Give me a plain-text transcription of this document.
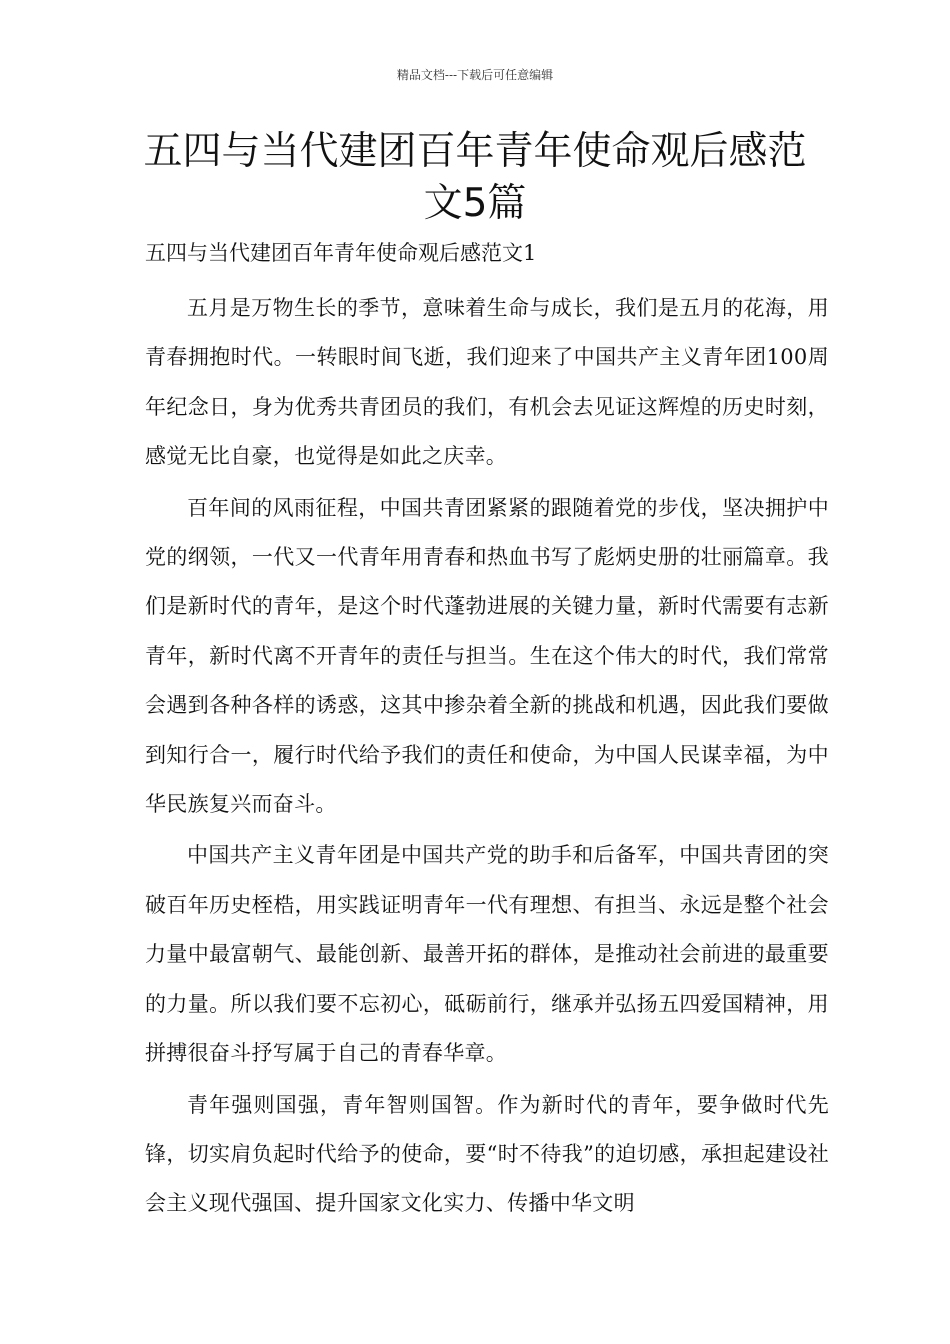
精品文档---下载后可任意编辑
五四与当代建团百年青年使命观后感范
文5篇
五四与当代建团百年青年使命观后感范文1

五月是万物生长的季节，意味着生命与成长，我们是五月的花海，用青春拥抱时代。一转眼时间飞逝，我们迎来了中国共产主义青年团100周年纪念日，身为优秀共青团员的我们，有机会去见证这辉煌的历史时刻，感觉无比自豪，也觉得是如此之庆幸。

百年间的风雨征程，中国共青团紧紧的跟随着党的步伐，坚决拥护中党的纲领，一代又一代青年用青春和热血书写了彪炳史册的壮丽篇章。我们是新时代的青年，是这个时代蓬勃进展的关键力量，新时代需要有志新青年，新时代离不开青年的责任与担当。生在这个伟大的时代，我们常常会遇到各种各样的诱惑，这其中掺杂着全新的挑战和机遇，因此我们要做到知行合一，履行时代给予我们的责任和使命，为中国人民谋幸福，为中华民族复兴而奋斗。

中国共产主义青年团是中国共产党的助手和后备军，中国共青团的突破百年历史桎梏，用实践证明青年一代有理想、有担当、永远是整个社会力量中最富朝气、最能创新、最善开拓的群体，是推动社会前进的最重要的力量。所以我们要不忘初心，砥砺前行，继承并弘扬五四爱国精神，用拼搏很奋斗抒写属于自己的青春华章。

青年强则国强，青年智则国智。作为新时代的青年，要争做时代先锋，切实肩负起时代给予的使命，要“时不待我”的迫切感，承担起建设社会主义现代强国、提升国家文化实力、传播中华文明
